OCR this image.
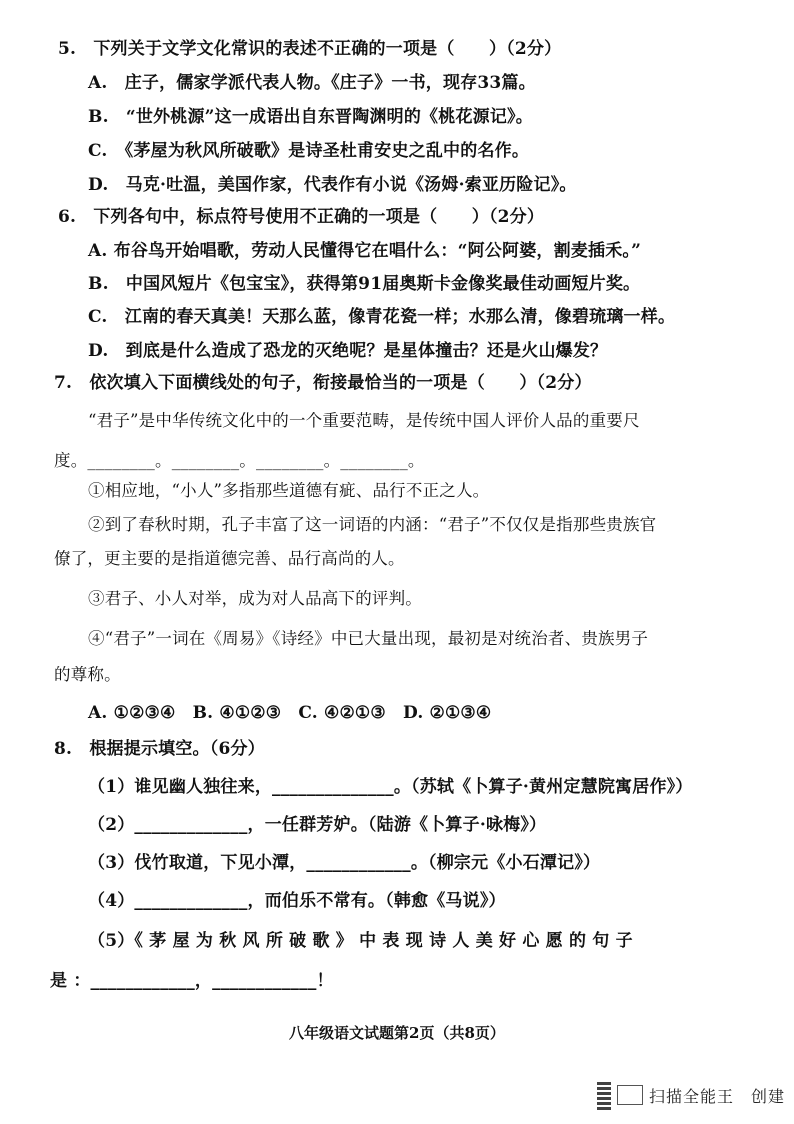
5.　下列关于文学文化常识的表述不正确的一项是（　　）（2分）
A.　庄子，儒家学派代表人物。《庄子》一书，现存33篇。
B.　“世外桃源”这一成语出自东晋陶渊明的《桃花源记》。
C.　《茅屋为秋风所破歌》是诗圣杜甫安史之乱中的名作。
D.　马克·吐温，美国作家，代表作有小说《汤姆·索亚历险记》。
6.　下列各句中，标点符号使用不正确的一项是（　　）（2分）
A. 布谷鸟开始唱歌，劳动人民懂得它在唱什么：“阿公阿婆，割麦插禾。”
B.　中国风短片《包宝宝》，获得第91届奥斯卡金像奖最佳动画短片奖。
C.　江南的春天真美！天那么蓝，像青花瓷一样；水那么清，像碧琉璃一样。
D.　到底是什么造成了恐龙的灭绝呢？是星体撞击？还是火山爆发？
7.　依次填入下面横线处的句子，衔接最恰当的一项是（　　）（2分）
“君子”是中华传统文化中的一个重要范畴，是传统中国人评价人品的重要尺
度。________。________。________。________。
①相应地，“小人”多指那些道德有疵、品行不正之人。
②到了春秋时期，孔子丰富了这一词语的内涵：“君子”不仅仅是指那些贵族官
僚了，更主要的是指道德完善、品行高尚的人。
③君子、小人对举，成为对人品高下的评判。
④“君子”一词在《周易》《诗经》中已大量出现，最初是对统治者、贵族男子
的尊称。
A. ①②③④　B. ④①②③　C. ④②①③　D. ②①③④
8.　根据提示填空。（6分）
（1）谁见幽人独往来，______________。（苏轼《卜算子·黄州定慧院寓居作》）
（2）_____________，一任群芳妒。（陆游《卜算子·咏梅》）
（3）伐竹取道，下见小潭，____________。（柳宗元《小石潭记》）
（4）_____________，而伯乐不常有。（韩愈《马说》）
（5）《 茅 屋 为 秋 风 所 破 歌 》 中 表 现 诗 人 美 好 心 愿 的 句 子
是 ：____________，____________！
八年级语文试题第2页（共8页）
扫描全能王　创建
